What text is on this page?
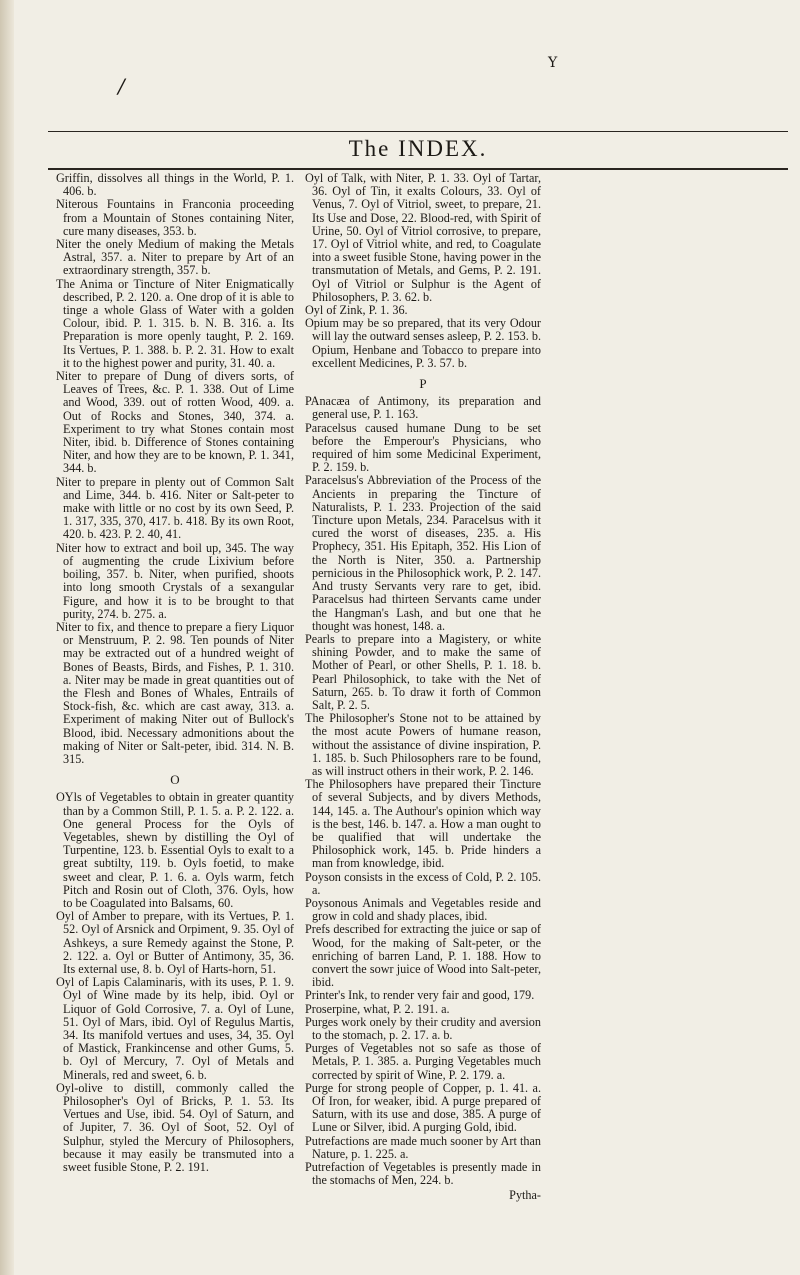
/
Y
The INDEX.

Griffin, dissolves all things in the World, P. 1. 406. b.

Niterous Fountains in Franconia proceeding from a Mountain of Stones containing Niter, cure many diseases, 353. b.

Niter the onely Medium of making the Metals Astral, 357. a. Niter to prepare by Art of an extraordinary strength, 357. b.

The Anima or Tincture of Niter Enigmatically described, P. 2. 120. a. One drop of it is able to tinge a whole Glass of Water with a golden Colour, ibid. P. 1. 315. b. N. B. 316. a. Its Preparation is more openly taught, P. 2. 169. Its Vertues, P. 1. 388. b. P. 2. 31. How to exalt it to the highest power and purity, 31. 40. a.

Niter to prepare of Dung of divers sorts, of Leaves of Trees, &c. P. 1. 338. Out of Lime and Wood, 339. out of rotten Wood, 409. a. Out of Rocks and Stones, 340, 374. a. Experiment to try what Stones contain most Niter, ibid. b. Difference of Stones containing Niter, and how they are to be known, P. 1. 341, 344. b.

Niter to prepare in plenty out of Common Salt and Lime, 344. b. 416. Niter or Salt-peter to make with little or no cost by its own Seed, P. 1. 317, 335, 370, 417. b. 418. By its own Root, 420. b. 423. P. 2. 40, 41.

Niter how to extract and boil up, 345. The way of augmenting the crude Lixivium before boiling, 357. b. Niter, when purified, shoots into long smooth Crystals of a sexangular Figure, and how it is to be brought to that purity, 274. b. 275. a.

Niter to fix, and thence to prepare a fiery Liquor or Menstruum, P. 2. 98. Ten pounds of Niter may be extracted out of a hundred weight of Bones of Beasts, Birds, and Fishes, P. 1. 310. a. Niter may be made in great quantities out of the Flesh and Bones of Whales, Entrails of Stock-fish, &c. which are cast away, 313. a. Experiment of making Niter out of Bullock's Blood, ibid. Necessary admonitions about the making of Niter or Salt-peter, ibid. 314. N. B. 315.

O

OYls of Vegetables to obtain in greater quantity than by a Common Still, P. 1. 5. a. P. 2. 122. a. One general Process for the Oyls of Vegetables, shewn by distilling the Oyl of Turpentine, 123. b. Essential Oyls to exalt to a great subtilty, 119. b. Oyls foetid, to make sweet and clear, P. 1. 6. a. Oyls warm, fetch Pitch and Rosin out of Cloth, 376. Oyls, how to be Coagulated into Balsams, 60.

Oyl of Amber to prepare, with its Vertues, P. 1. 52. Oyl of Arsnick and Orpiment, 9. 35. Oyl of Ashkeys, a sure Remedy against the Stone, P. 2. 122. a. Oyl or Butter of Antimony, 35, 36. Its external use, 8. b. Oyl of Harts-horn, 51.

Oyl of Lapis Calaminaris, with its uses, P. 1. 9. Oyl of Wine made by its help, ibid. Oyl or Liquor of Gold Corrosive, 7. a. Oyl of Lune, 51. Oyl of Mars, ibid. Oyl of Regulus Martis, 34. Its manifold vertues and uses, 34, 35. Oyl of Mastick, Frankincense and other Gums, 5. b. Oyl of Mercury, 7. Oyl of Metals and Minerals, red and sweet, 6. b.

Oyl-olive to distill, commonly called the Philosopher's Oyl of Bricks, P. 1. 53. Its Vertues and Use, ibid. 54. Oyl of Saturn, and of Jupiter, 7. 36. Oyl of Soot, 52. Oyl of Sulphur, styled the Mercury of Philosophers, because it may easily be transmuted into a sweet fusible Stone, P. 2. 191.

Oyl of Talk, with Niter, P. 1. 33. Oyl of Tartar, 36. Oyl of Tin, it exalts Colours, 33. Oyl of Venus, 7. Oyl of Vitriol, sweet, to prepare, 21. Its Use and Dose, 22. Blood-red, with Spirit of Urine, 50. Oyl of Vitriol corrosive, to prepare, 17. Oyl of Vitriol white, and red, to Coagulate into a sweet fusible Stone, having power in the transmutation of Metals, and Gems, P. 2. 191. Oyl of Vitriol or Sulphur is the Agent of Philosophers, P. 3. 62. b.

Oyl of Zink, P. 1. 36.

Opium may be so prepared, that its very Odour will lay the outward senses asleep, P. 2. 153. b. Opium, Henbane and Tobacco to prepare into excellent Medicines, P. 3. 57. b.

P

PAnacæa of Antimony, its preparation and general use, P. 1. 163.

Paracelsus caused humane Dung to be set before the Emperour's Physicians, who required of him some Medicinal Experiment, P. 2. 159. b.

Paracelsus's Abbreviation of the Process of the Ancients in preparing the Tincture of Naturalists, P. 1. 233. Projection of the said Tincture upon Metals, 234. Paracelsus with it cured the worst of diseases, 235. a. His Prophecy, 351. His Epitaph, 352. His Lion of the North is Niter, 350. a. Partnership pernicious in the Philosophick work, P. 2. 147. And trusty Servants very rare to get, ibid. Paracelsus had thirteen Servants came under the Hangman's Lash, and but one that he thought was honest, 148. a.

Pearls to prepare into a Magistery, or white shining Powder, and to make the same of Mother of Pearl, or other Shells, P. 1. 18. b. Pearl Philosophick, to take with the Net of Saturn, 265. b. To draw it forth of Common Salt, P. 2. 5.

The Philosopher's Stone not to be attained by the most acute Powers of humane reason, without the assistance of divine inspiration, P. 1. 185. b. Such Philosophers rare to be found, as will instruct others in their work, P. 2. 146.

The Philosophers have prepared their Tincture of several Subjects, and by divers Methods, 144, 145. a. The Authour's opinion which way is the best, 146. b. 147. a. How a man ought to be qualified that will undertake the Philosophick work, 145. b. Pride hinders a man from knowledge, ibid.

Poyson consists in the excess of Cold, P. 2. 105. a.

Poysonous Animals and Vegetables reside and grow in cold and shady places, ibid.

Prefs described for extracting the juice or sap of Wood, for the making of Salt-peter, or the enriching of barren Land, P. 1. 188. How to convert the sowr juice of Wood into Salt-peter, ibid.

Printer's Ink, to render very fair and good, 179.

Proserpine, what, P. 2. 191. a.

Purges work onely by their crudity and aversion to the stomach, p. 2. 17. a. b.

Purges of Vegetables not so safe as those of Metals, P. 1. 385. a. Purging Vegetables much corrected by spirit of Wine, P. 2. 179. a.

Purge for strong people of Copper, p. 1. 41. a. Of Iron, for weaker, ibid. A purge prepared of Saturn, with its use and dose, 385. A purge of Lune or Silver, ibid. A purging Gold, ibid.

Putrefactions are made much sooner by Art than Nature, p. 1. 225. a.

Putrefaction of Vegetables is presently made in the stomachs of Men, 224. b.

Pytha-
